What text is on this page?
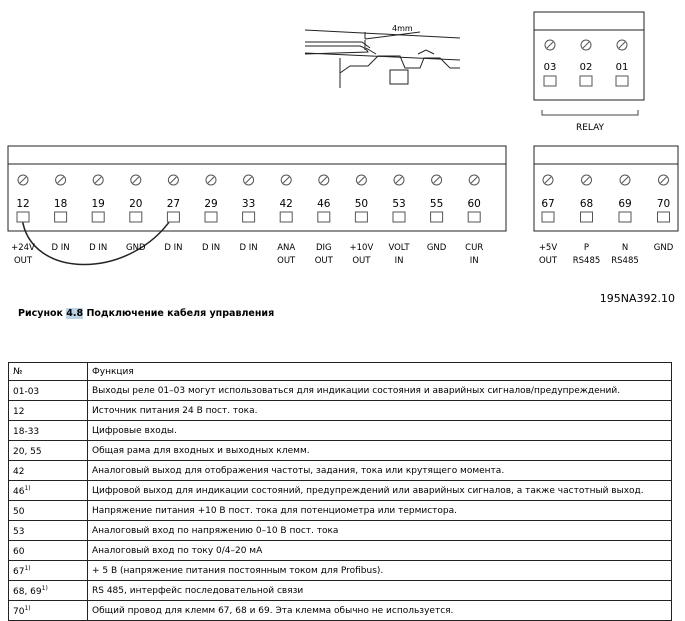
4mm
03 02 01
RELAY
12
+24V
OUT
18
D IN
19
D IN
20
GND
27
D IN
29
D IN
33
D IN
42
ANA
OUT
46
DIG
OUT
50
+10V
OUT
53
VOLT
IN
55
GND
60
CUR
IN
67
+5V
OUT
68
P
RS485
69
N
RS485
70
GND
195NA392.10
Рисунок 4.8 Подключение кабеля управления
№	Функция
01-03	Выходы реле 01–03 могут использоваться для индикации состояния и аварийных сигналов/предупреждений.
12	Источник питания 24 В пост. тока.
18-33	Цифровые входы.
20, 55	Общая рама для входных и выходных клемм.
42	Аналоговый выход для отображения частоты, задания, тока или крутящего момента.
46$^{1)}$	Цифровой выход для индикации состояний, предупреждений или аварийных сигналов, а также частотный выход.
50	Напряжение питания +10 В пост. тока для потенциометра или термистора.
53	Аналоговый вход по напряжению 0–10 В пост. тока
60	Аналоговый вход по току 0/4–20 мА
$67^{1)}$	+ 5 В (напряжение питания постоянным током для Profibus).
68, 69$^{1)}$	RS 485, интерфейс последовательной связи
70$^{1)}$	Общий провод для клемм 67, 68 и 69. Эта клемма обычно не используется.
